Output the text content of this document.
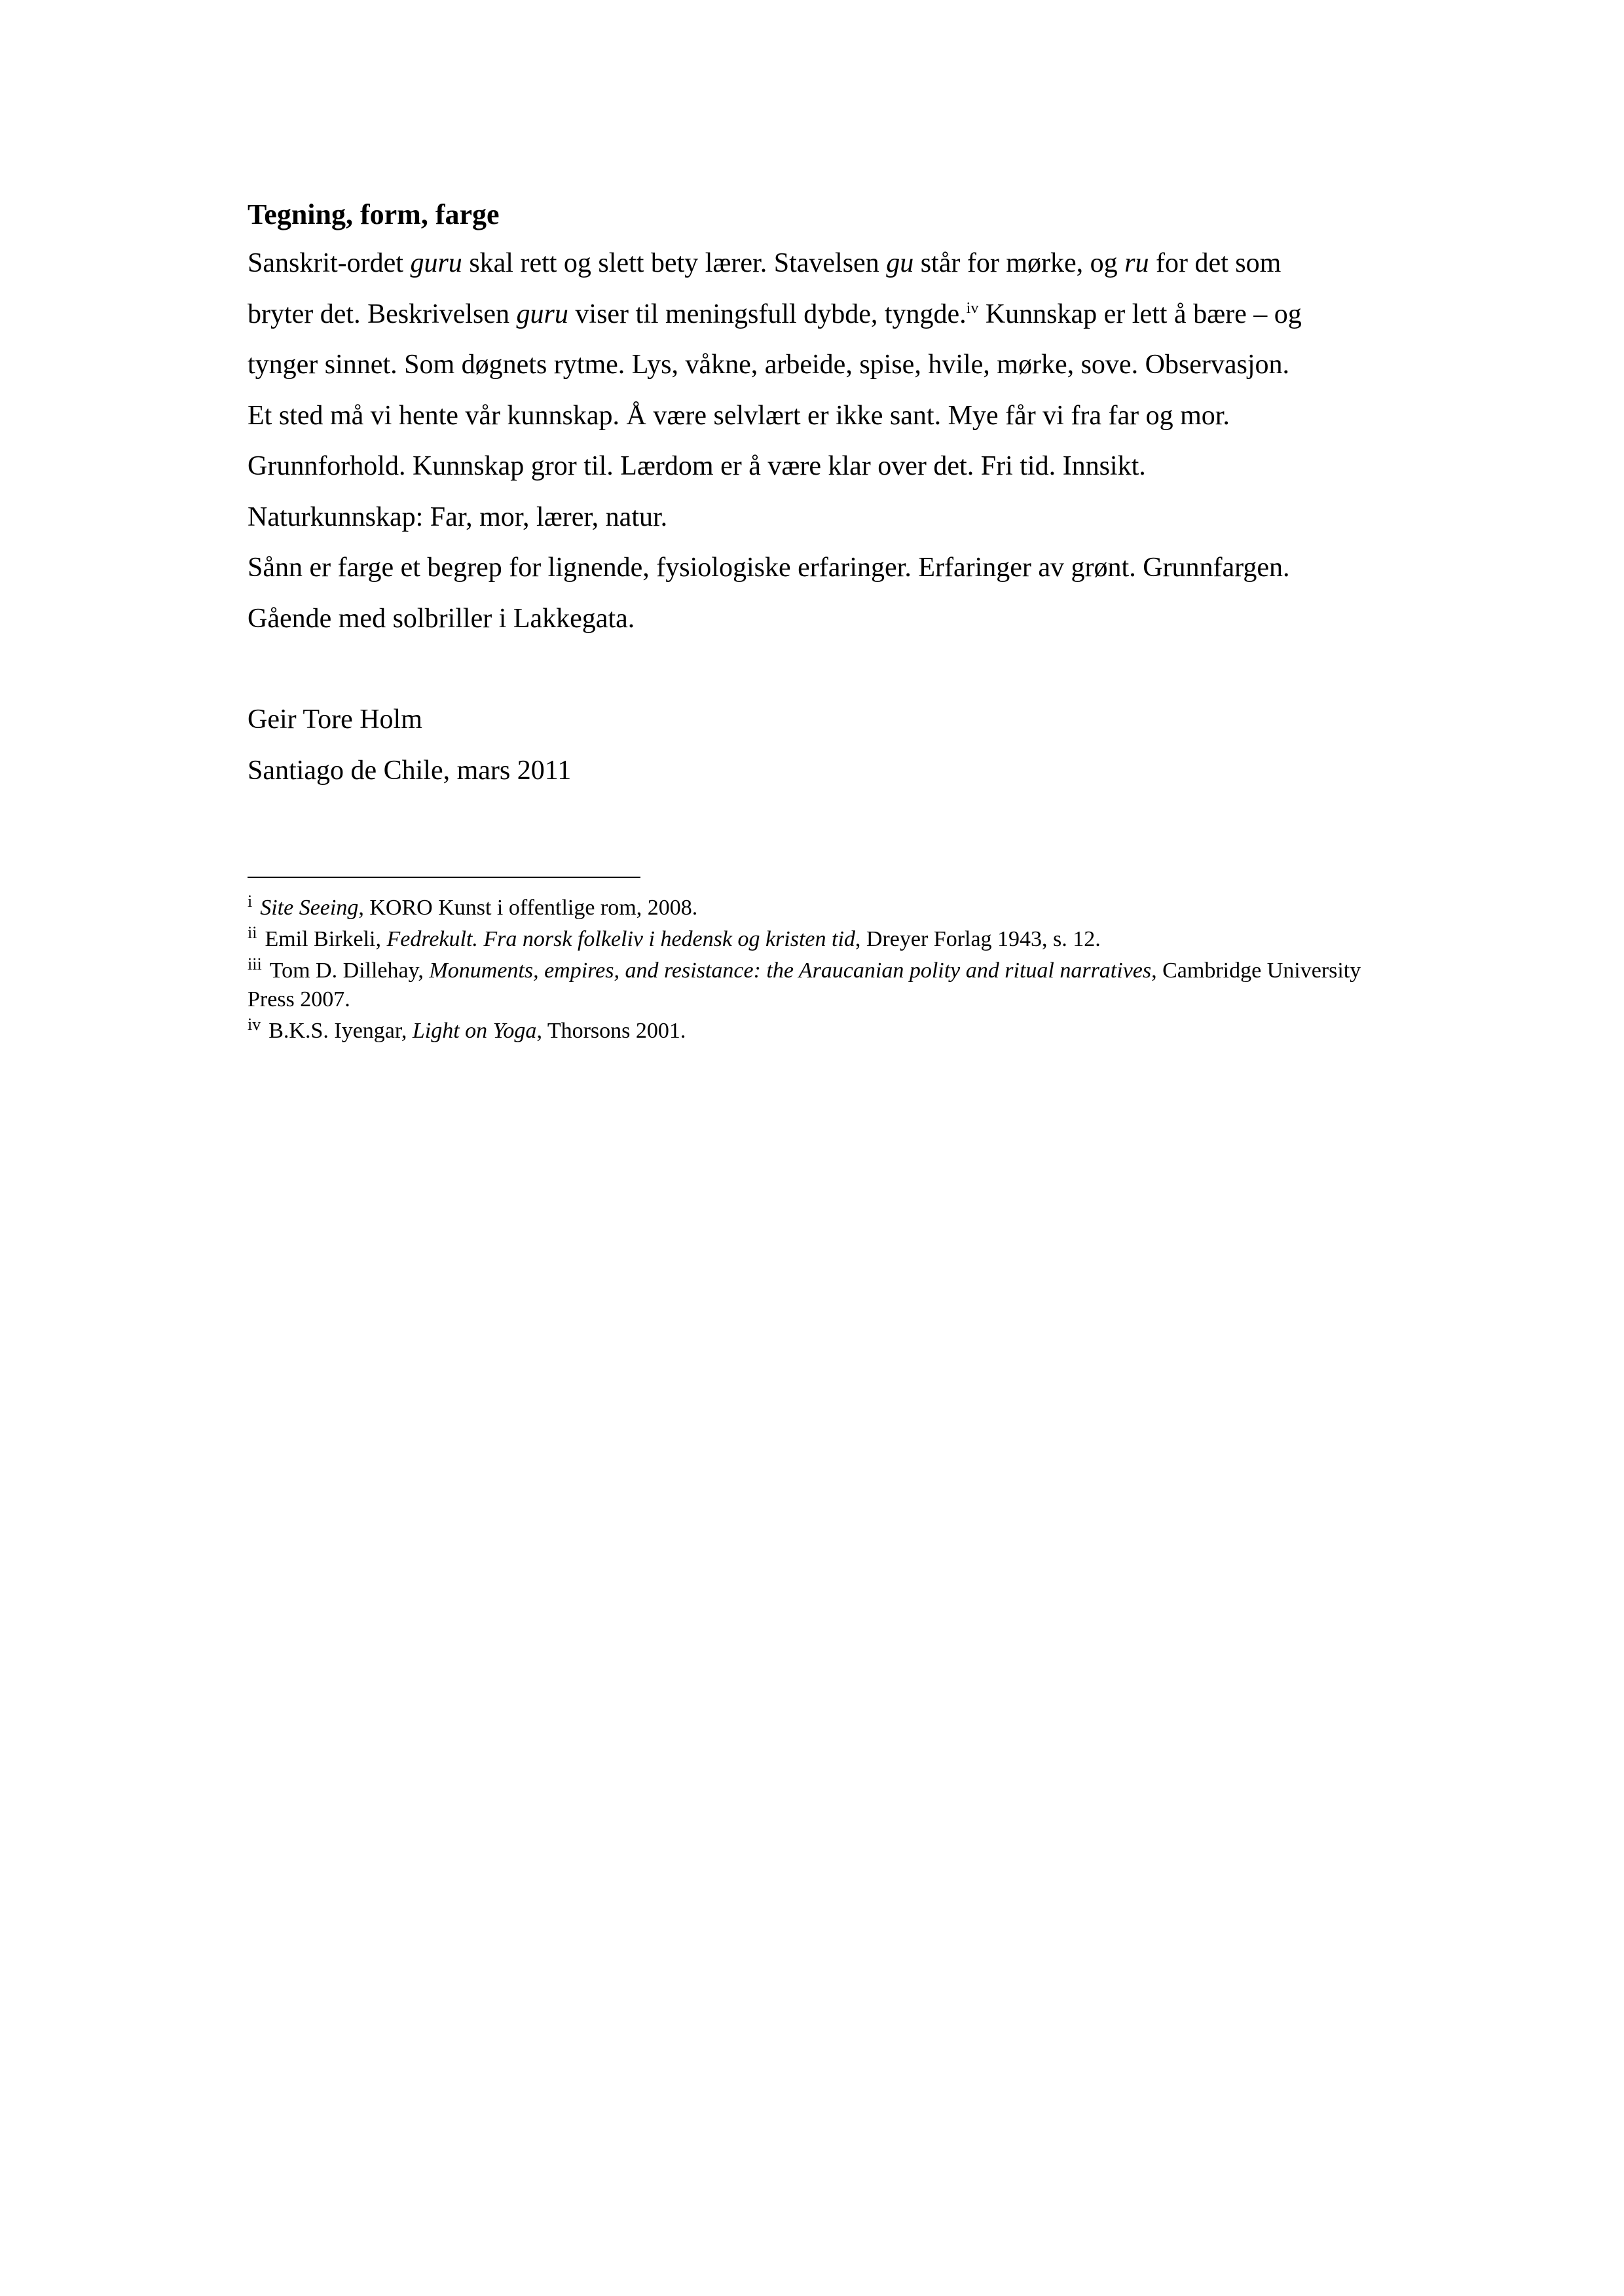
Tegning, form, farge
Sanskrit-ordet guru skal rett og slett bety lærer. Stavelsen gu står for mørke, og ru for det som
bryter det. Beskrivelsen guru viser til meningsfull dybde, tyngde.$^{iv}$ Kunnskap er lett å bære – og
tynger sinnet. Som døgnets rytme. Lys, våkne, arbeide, spise, hvile, mørke, sove. Observasjon.
Et sted må vi hente vår kunnskap. Å være selvlært er ikke sant. Mye får vi fra far og mor.
Grunnforhold. Kunnskap gror til. Lærdom er å være klar over det. Fri tid. Innsikt.
Naturkunnskap: Far, mor, lærer, natur.
Sånn er farge et begrep for lignende, fysiologiske erfaringer. Erfaringer av grønt. Grunnfargen.
Gående med solbriller i Lakkegata.
Geir Tore Holm
Santiago de Chile, mars 2011

$^i$ Site Seeing, KORO Kunst i offentlige rom, 2008.

$^{ii}$ Emil Birkeli, Fedrekult. Fra norsk folkeliv i hedensk og kristen tid, Dreyer Forlag 1943, s. 12.

$^{iii}$ Tom D. Dillehay, Monuments, empires, and resistance: the Araucanian polity and ritual narratives, Cambridge University Press 2007.

$^{iv}$ B.K.S. Iyengar, Light on Yoga, Thorsons 2001.
